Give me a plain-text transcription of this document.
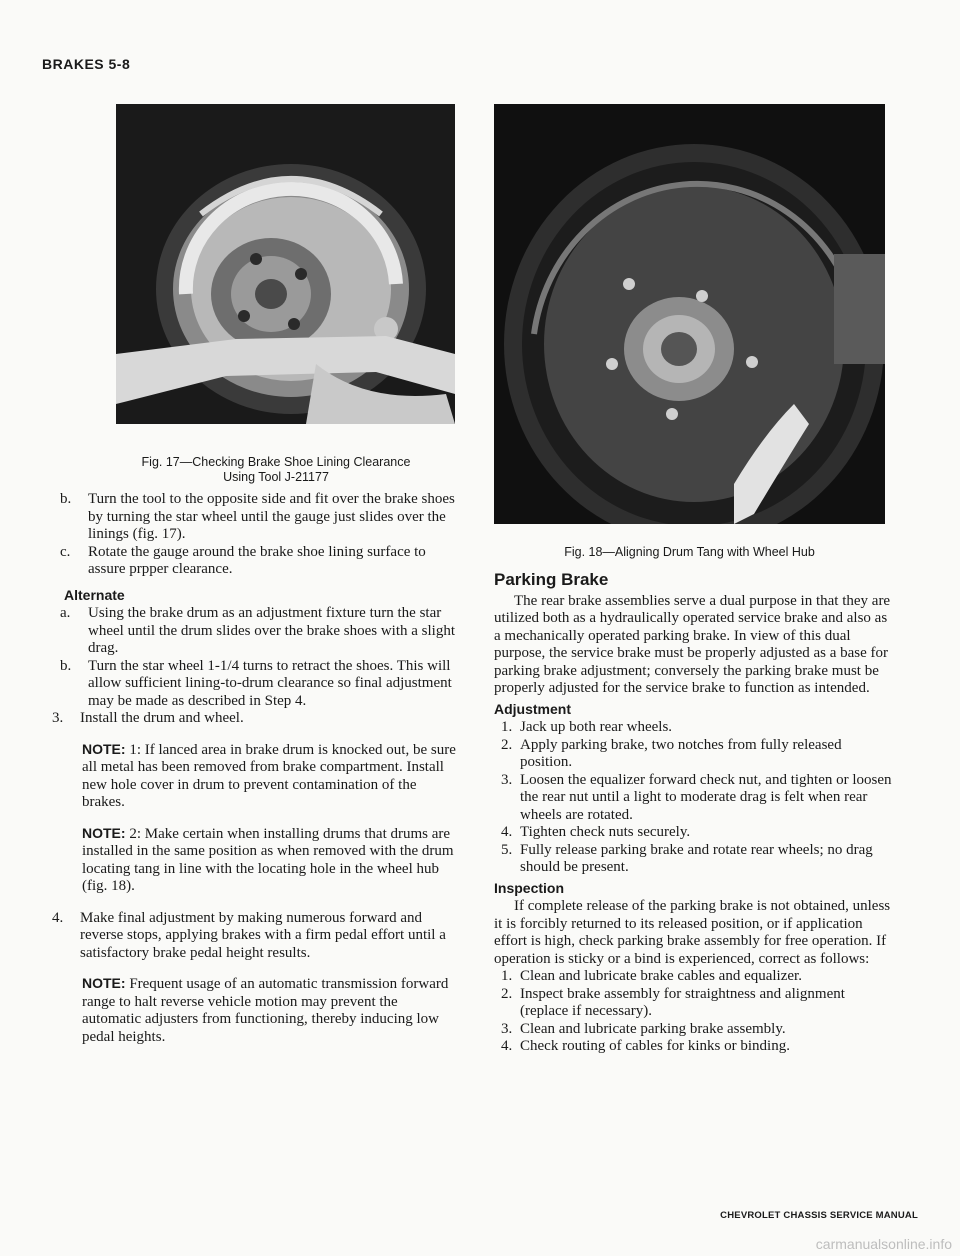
BRAKES 5-8
Fig. 17—Checking Brake Shoe Lining Clearance
Using Tool J-21177
Fig. 18—Aligning Drum Tang with Wheel Hub

b. Turn the tool to the opposite side and fit over the brake shoes by turning the star wheel until the gauge just slides over the linings (fig. 17).

c. Rotate the gauge around the brake shoe lining surface to assure prpper clearance.

Alternate

a. Using the brake drum as an adjustment fixture turn the star wheel until the drum slides over the brake shoes with a slight drag.

b. Turn the star wheel 1-1/4 turns to retract the shoes. This will allow sufficient lining-to-drum clearance so final adjustment may be made as described in Step 4.

3. Install the drum and wheel.

NOTE: 1: If lanced area in brake drum is knocked out, be sure all metal has been removed from brake compartment. Install new hole cover in drum to prevent contamination of the brakes.

NOTE: 2: Make certain when installing drums that drums are installed in the same position as when removed with the drum locating tang in line with the locating hole in the wheel hub (fig. 18).

4. Make final adjustment by making numerous forward and reverse stops, applying brakes with a firm pedal effort until a satisfactory brake pedal height results.

NOTE: Frequent usage of an automatic transmission forward range to halt reverse vehicle motion may prevent the automatic adjusters from functioning, thereby inducing low pedal heights.

Parking Brake

The rear brake assemblies serve a dual purpose in that they are utilized both as a hydraulically operated service brake and also as a mechanically operated parking brake. In view of this dual purpose, the service brake must be properly adjusted as a base for parking brake adjustment; conversely the parking brake must be properly adjusted for the service brake to function as intended.

Adjustment

1. Jack up both rear wheels.

2. Apply parking brake, two notches from fully released position.

3. Loosen the equalizer forward check nut, and tighten or loosen the rear nut until a light to moderate drag is felt when rear wheels are rotated.

4. Tighten check nuts securely.

5. Fully release parking brake and rotate rear wheels; no drag should be present.

Inspection

If complete release of the parking brake is not obtained, unless it is forcibly returned to its released position, or if application effort is high, check parking brake assembly for free operation. If operation is sticky or a bind is experienced, correct as follows:

1. Clean and lubricate brake cables and equalizer.

2. Inspect brake assembly for straightness and alignment (replace if necessary).

3. Clean and lubricate parking brake assembly.

4. Check routing of cables for kinks or binding.

CHEVROLET CHASSIS SERVICE MANUAL
carmanualsonline.info
